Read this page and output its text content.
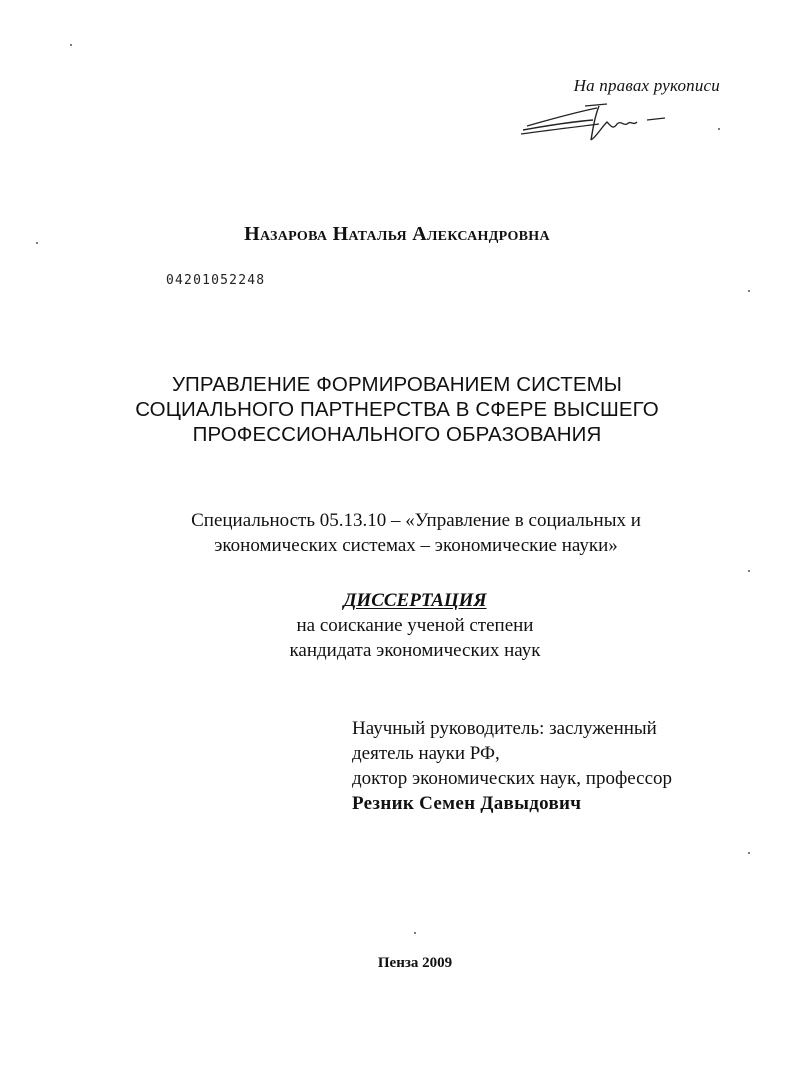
На правах рукописи
Назарова Наталья Александровна
04201052248
УПРАВЛЕНИЕ ФОРМИРОВАНИЕМ СИСТЕМЫ
СОЦИАЛЬНОГО ПАРТНЕРСТВА В СФЕРЕ ВЫСШЕГО
ПРОФЕССИОНАЛЬНОГО ОБРАЗОВАНИЯ
Специальность 05.13.10 – «Управление в социальных и
экономических системах – экономические науки»
ДИССЕРТАЦИЯ
на соискание ученой степени
кандидата экономических наук
Научный руководитель: заслуженный
деятель науки РФ,
доктор экономических наук, профессор
Резник Семен Давыдович
Пенза 2009
